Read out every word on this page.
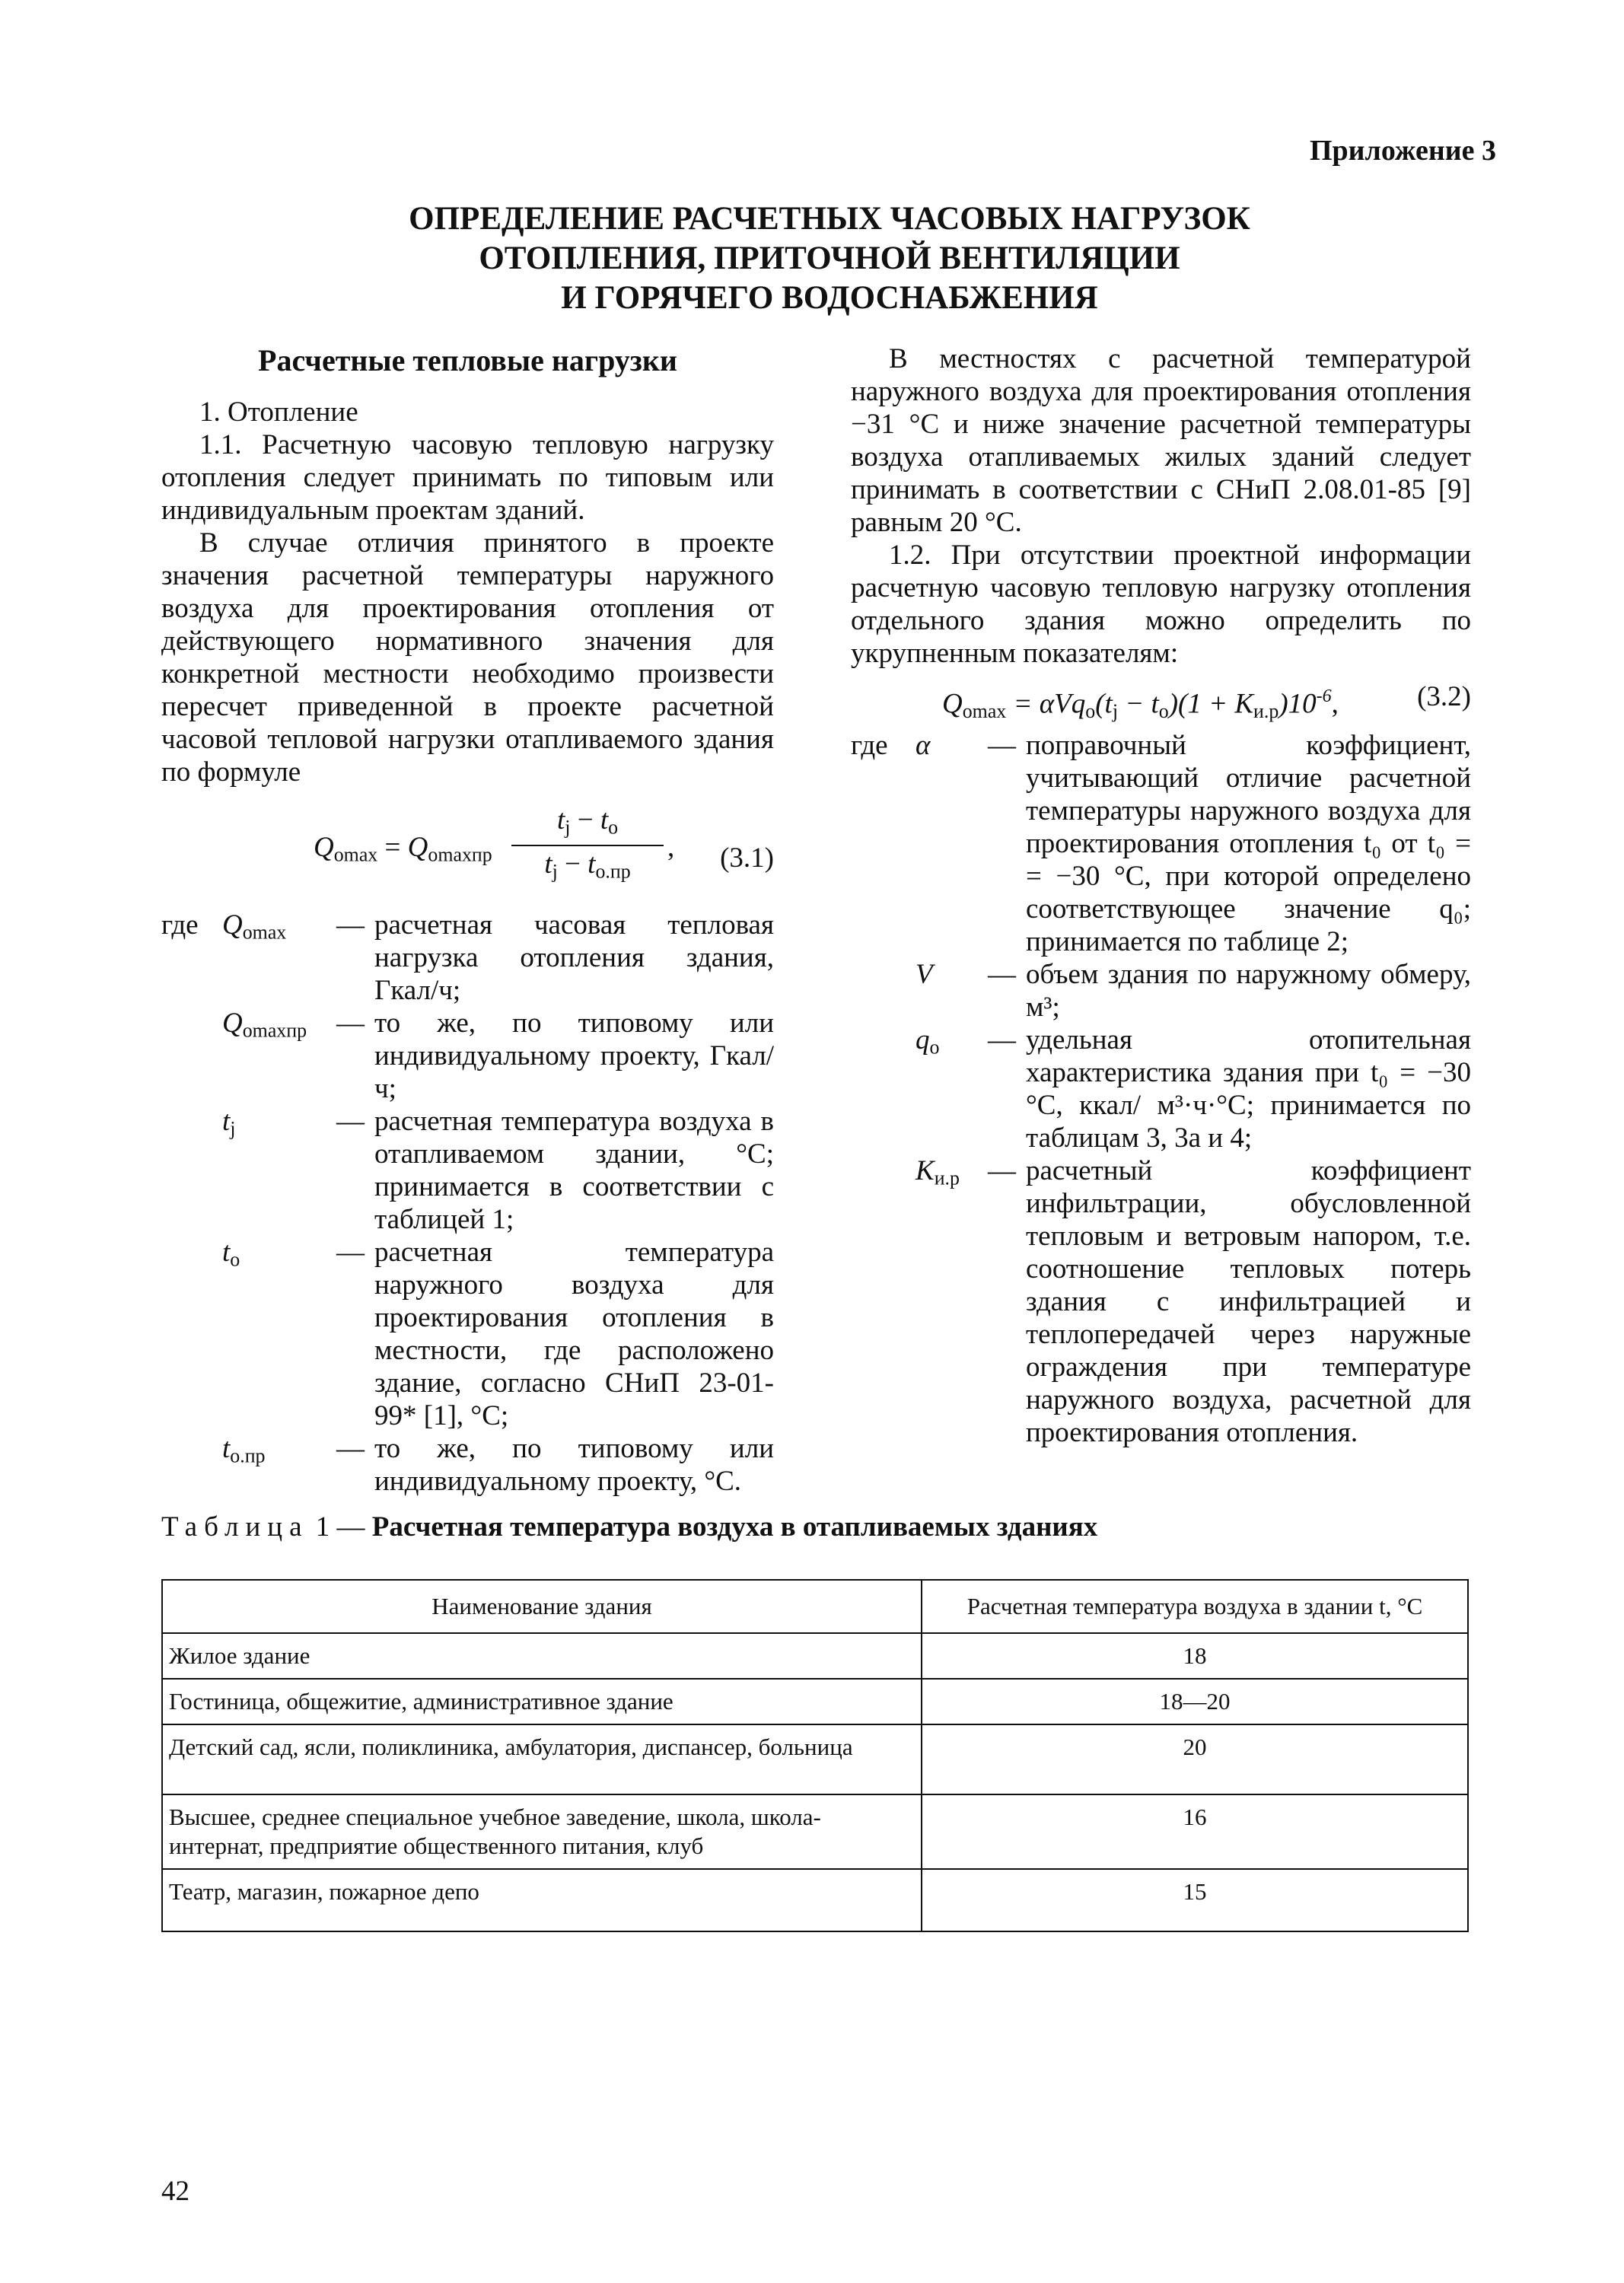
Приложение 3
ОПРЕДЕЛЕНИЕ РАСЧЕТНЫХ ЧАСОВЫХ НАГРУЗОК
ОТОПЛЕНИЯ, ПРИТОЧНОЙ ВЕНТИЛЯЦИИ
И ГОРЯЧЕГО ВОДОСНАБЖЕНИЯ
Расчетные тепловые нагрузки

1. Отопление

1.1. Расчетную часовую тепловую нагрузку отопления следует принимать по типовым или индивидуальным проектам зданий.

В случае отличия принятого в проекте значения расчетной температуры наружного воздуха для проектирования отопления от действующего нормативного значения для конкретной местности необходимо произвести пересчет приведенной в проекте расчетной часовой тепловой нагрузки отапливаемого здания по формуле

$Q_{omax} = Q_{omaxпр}$
$t_j - t_o$
$t_j - t_{o.пр}$
, (3.1)
где $Q_{omax}$	— расчетная часовая тепловая нагрузка отопления здания, Гкал/ч;
$Q_{omaxпр}$	— то же, по типовому или индивидуальному проекту, Гкал/ч;
$t_j$	— расчетная температура воздуха в отапливаемом здании, °С; принимается в соответствии с таблицей 1;
$t_o$	— расчетная температура наружного воздуха для проектирования отопления в местности, где расположено здание, согласно СНиП 23-01-99* [1], °С;
$t_{o.пр}$	— то же, по типовому или индивидуальному проекту, °С.

В местностях с расчетной температурой наружного воздуха для проектирования отопления −31 °С и ниже значение расчетной температуры воздуха отапливаемых жилых зданий следует принимать в соответствии с СНиП 2.08.01-85 [9] равным 20 °С.

1.2. При отсутствии проектной информации расчетную часовую тепловую нагрузку отопления отдельного здания можно определить по укрупненным показателям:

$Q_{omax} = \alpha Vq_o(t_j - t_o)(1 + K_{и.р})10^{-6}$,	(3.2)
где α	— поправочный коэффициент, учитывающий отличие расчетной температуры наружного воздуха для проектирования отопления t₀ от t₀ = = −30 °С, при которой определено соответствующее значение q₀; принимается по таблице 2;
V	— объем здания по наружному обмеру, м³;
$q_o$	— удельная отопительная характеристика здания при t₀ = −30 °С, ккал/ м³·ч·°С; принимается по таблицам 3, 3а и 4;
$K_{и.р}$	— расчетный коэффициент инфильтрации, обусловленной тепловым и ветровым напором, т.е. соотношение тепловых потерь здания с инфильтрацией и теплопередачей через наружные ограждения при температуре наружного воздуха, расчетной для проектирования отопления.
Таблица 1 — Расчетная температура воздуха в отапливаемых зданиях
Наименование здания	Расчетная температура воздуха в здании t, °С
Жилое здание	18
Гостиница, общежитие, административное здание	18—20
Детский сад, ясли, поликлиника, амбулатория, диспансер, больница	20
Высшее, среднее специальное учебное заведение, школа, школа-интернат, предприятие общественного питания, клуб	16
Театр, магазин, пожарное депо	15
42
